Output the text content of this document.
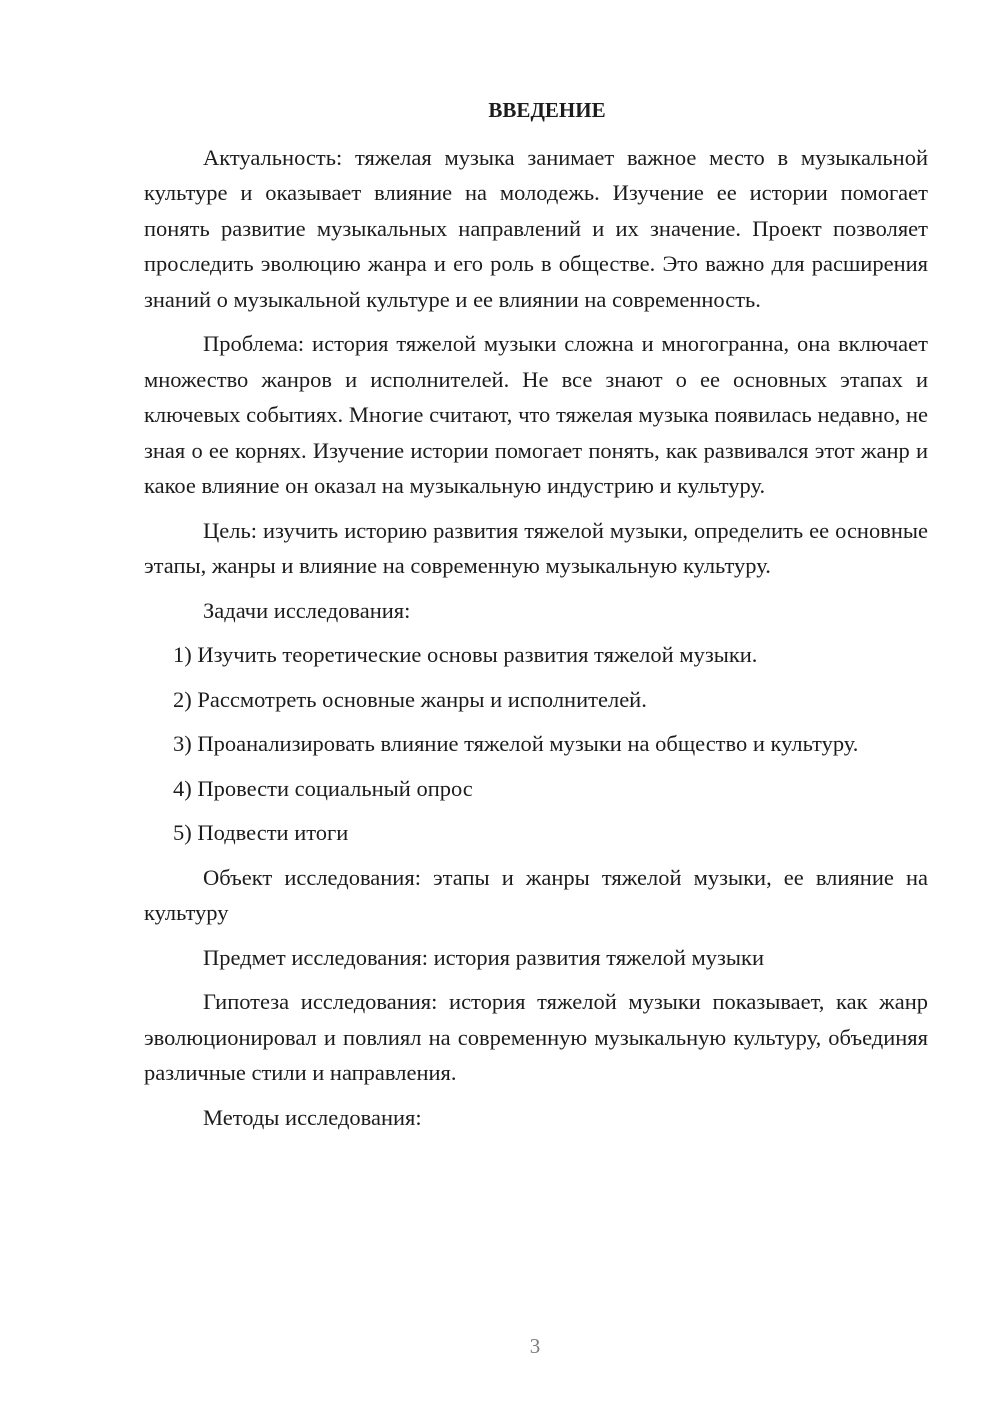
ВВЕДЕНИЕ

Актуальность: тяжелая музыка занимает важное место в музыкальной культуре и оказывает влияние на молодежь. Изучение ее истории помогает понять развитие музыкальных направлений и их значение. Проект позволяет проследить эволюцию жанра и его роль в обществе. Это важно для расширения знаний о музыкальной культуре и ее влиянии на современность.

Проблема: история тяжелой музыки сложна и многогранна, она включает множество жанров и исполнителей. Не все знают о ее основных этапах и ключевых событиях. Многие считают, что тяжелая музыка появилась недавно, не зная о ее корнях. Изучение истории помогает понять, как развивался этот жанр и какое влияние он оказал на музыкальную индустрию и культуру.

Цель: изучить историю развития тяжелой музыки, определить ее основные этапы, жанры и влияние на современную музыкальную культуру.

Задачи исследования:

1) Изучить теоретические основы развития тяжелой музыки.

2) Рассмотреть основные жанры и исполнителей.

3) Проанализировать влияние тяжелой музыки на общество и культуру.

4) Провести социальный опрос

5) Подвести итоги

Объект исследования: этапы и жанры тяжелой музыки, ее влияние на культуру

Предмет исследования: история развития тяжелой музыки

Гипотеза исследования: история тяжелой музыки показывает, как жанр эволюционировал и повлиял на современную музыкальную культуру, объединяя различные стили и направления.

Методы исследования:

3
